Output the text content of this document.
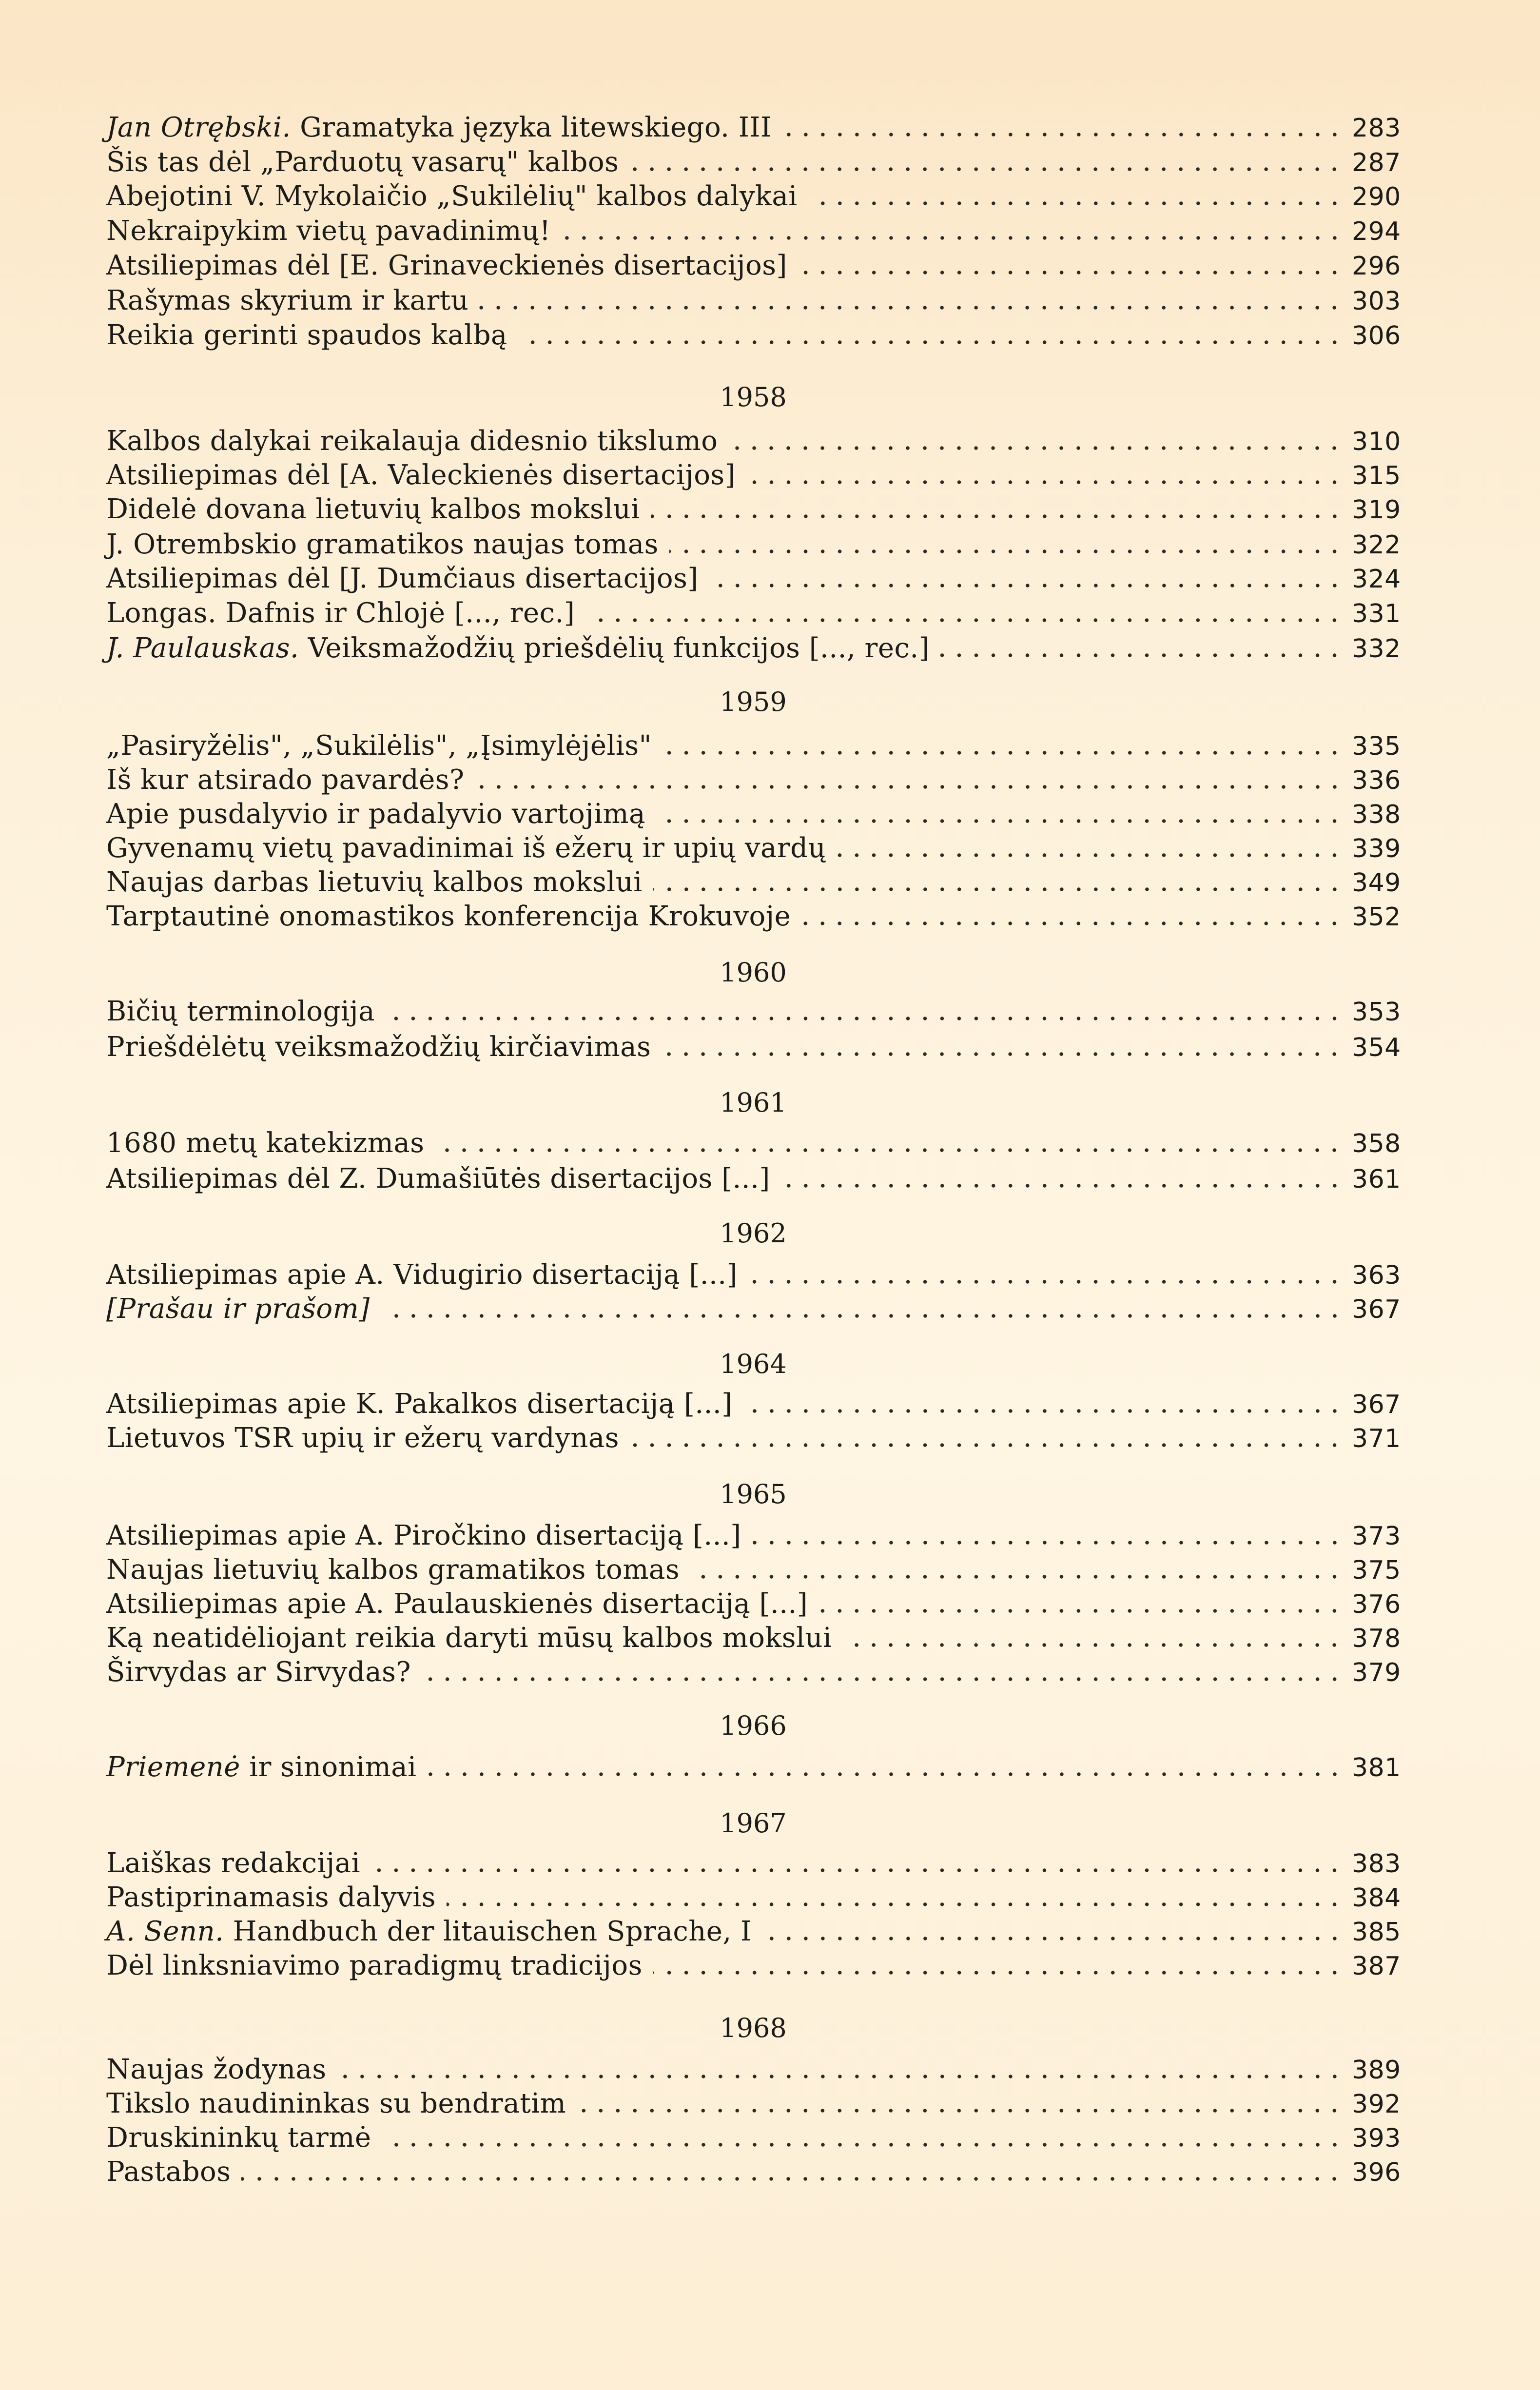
Jan Otrębski. Gramatyka języka litewskiego. III	283
Šis tas dėl „Parduotų vasarų" kalbos	287
Abejotini V. Mykolaičio „Sukilėlių" kalbos dalykai	290
Nekraipykim vietų pavadinimų!	294
Atsiliepimas dėl [E. Grinaveckienės disertacijos]	296
Rašymas skyrium ir kartu	303
Reikia gerinti spaudos kalbą	306
1958
Kalbos dalykai reikalauja didesnio tikslumo	310
Atsiliepimas dėl [A. Valeckienės disertacijos]	315
Didelė dovana lietuvių kalbos mokslui	319
J. Otrembskio gramatikos naujas tomas	322
Atsiliepimas dėl [J. Dumčiaus disertacijos]	324
Longas. Dafnis ir Chlojė [..., rec.]	331
J. Paulauskas. Veiksmažodžių priešdėlių funkcijos [..., rec.]	332
1959
„Pasiryžėlis", „Sukilėlis", „Įsimylėjėlis"	335
Iš kur atsirado pavardės?	336
Apie pusdalyvio ir padalyvio vartojimą	338
Gyvenamų vietų pavadinimai iš ežerų ir upių vardų	339
Naujas darbas lietuvių kalbos mokslui	349
Tarptautinė onomastikos konferencija Krokuvoje	352
1960
Bičių terminologija	353
Priešdėlėtų veiksmažodžių kirčiavimas	354
1961
1680 metų katekizmas	358
Atsiliepimas dėl Z. Dumašiūtės disertacijos [...]	361
1962
Atsiliepimas apie A. Vidugirio disertaciją [...]	363
[Prašau ir prašom]	367
1964
Atsiliepimas apie K. Pakalkos disertaciją [...]	367
Lietuvos TSR upių ir ežerų vardynas	371
1965
Atsiliepimas apie A. Piročkino disertaciją [...]	373
Naujas lietuvių kalbos gramatikos tomas	375
Atsiliepimas apie A. Paulauskienės disertaciją [...]	376
Ką neatidėliojant reikia daryti mūsų kalbos mokslui	378
Širvydas ar Sirvydas?	379
1966
Priemenė ir sinonimai	381
1967
Laiškas redakcijai	383
Pastiprinamasis dalyvis	384
A. Senn. Handbuch der litauischen Sprache, I	385
Dėl linksniavimo paradigmų tradicijos	387
1968
Naujas žodynas	389
Tikslo naudininkas su bendratim	392
Druskininkų tarmė	393
Pastabos	396
